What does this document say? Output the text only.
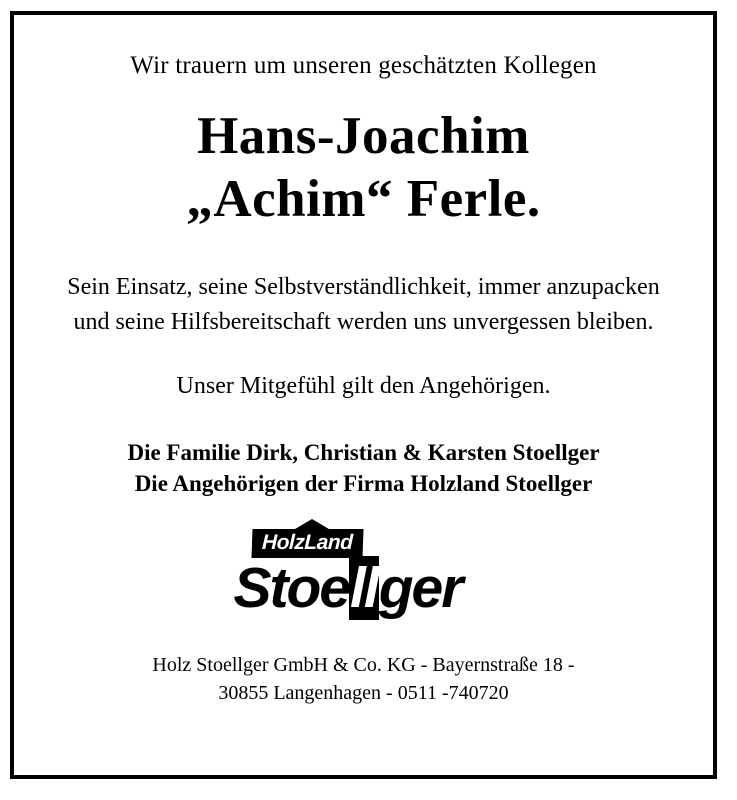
Wir trauern um unseren geschätzten Kollegen
Hans-Joachim
„Achim“ Ferle.
Sein Einsatz, seine Selbstverständlichkeit, immer anzupacken und seine Hilfsbereitschaft werden uns unvergessen bleiben.
Unser Mitgefühl gilt den Angehörigen.
Die Familie Dirk, Christian & Karsten Stoellger
Die Angehörigen der Firma Holzland Stoellger
HolzLand
Stoellger
Holz Stoellger GmbH & Co. KG - Bayernstraße 18 -
30855 Langenhagen - 0511 -740720
